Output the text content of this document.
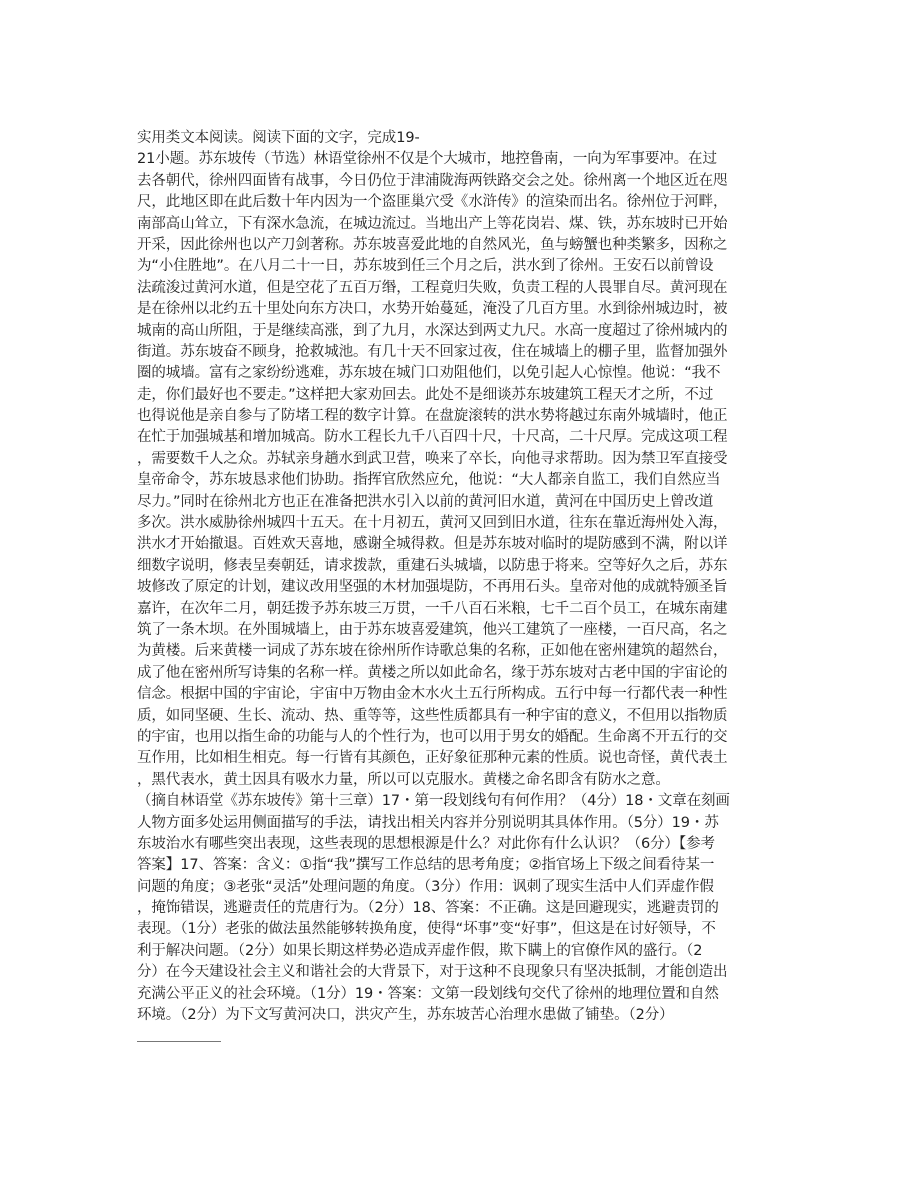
实用类文本阅读。阅读下面的文字，完成19-
21小题。苏东坡传（节选）林语堂徐州不仅是个大城市，地控鲁南，一向为军事要冲。在过
去各朝代，徐州四面皆有战事，今日仍位于津浦陇海两铁路交会之处。徐州离一个地区近在咫
尺，此地区即在此后数十年内因为一个盗匪巢穴受《水浒传》的渲染而出名。徐州位于河畔，
南部高山耸立，下有深水急流，在城边流过。当地出产上等花岗岩、煤、铁，苏东坡时已开始
开采，因此徐州也以产刀剑著称。苏东坡喜爱此地的自然风光，鱼与螃蟹也种类繁多，因称之
为“小住胜地”。在八月二十一日，苏东坡到任三个月之后，洪水到了徐州。王安石以前曾设
法疏浚过黄河水道，但是空花了五百万缗，工程竟归失败，负责工程的人畏罪自尽。黄河现在
是在徐州以北约五十里处向东方决口，水势开始蔓延，淹没了几百方里。水到徐州城边时，被
城南的高山所阻，于是继续高涨，到了九月，水深达到两丈九尺。水高一度超过了徐州城内的
街道。苏东坡奋不顾身，抢救城池。有几十天不回家过夜，住在城墙上的棚子里，监督加强外
圈的城墙。富有之家纷纷逃难，苏东坡在城门口劝阻他们，以免引起人心惊惶。他说：“我不
走，你们最好也不要走。”这样把大家劝回去。此处不是细谈苏东坡建筑工程天才之所，不过
也得说他是亲自参与了防堵工程的数字计算。在盘旋滚转的洪水势将越过东南外城墙时，他正
在忙于加强城基和增加城高。防水工程长九千八百四十尺，十尺高，二十尺厚。完成这项工程
，需要数千人之众。苏轼亲身趟水到武卫营，唤来了卒长，向他寻求帮助。因为禁卫军直接受
皇帝命令，苏东坡恳求他们协助。指挥官欣然应允，他说：“大人都亲自监工，我们自然应当
尽力。”同时在徐州北方也正在准备把洪水引入以前的黄河旧水道，黄河在中国历史上曾改道
多次。洪水威胁徐州城四十五天。在十月初五，黄河又回到旧水道，往东在靠近海州处入海，
洪水才开始撤退。百姓欢天喜地，感谢全城得救。但是苏东坡对临时的堤防感到不满，附以详
细数字说明，修表呈奏朝廷，请求拨款，重建石头城墙，以防患于将来。空等好久之后，苏东
坡修改了原定的计划，建议改用坚强的木材加强堤防，不再用石头。皇帝对他的成就特颁圣旨
嘉许，在次年二月，朝廷拨予苏东坡三万贯，一千八百石米粮，七千二百个员工，在城东南建
筑了一条木坝。在外围城墙上，由于苏东坡喜爱建筑，他兴工建筑了一座楼，一百尺高，名之
为黄楼。后来黄楼一词成了苏东坡在徐州所作诗歌总集的名称，正如他在密州建筑的超然台，
成了他在密州所写诗集的名称一样。黄楼之所以如此命名，缘于苏东坡对古老中国的宇宙论的
信念。根据中国的宇宙论，宇宙中万物由金木水火土五行所构成。五行中每一行都代表一种性
质，如同坚硬、生长、流动、热、重等等，这些性质都具有一种宇宙的意义，不但用以指物质
的宇宙，也用以指生命的功能与人的个性行为，也可以用于男女的婚配。生命离不开五行的交
互作用，比如相生相克。每一行皆有其颜色，正好象征那种元素的性质。说也奇怪，黄代表土
，黑代表水，黄土因具有吸水力量，所以可以克服水。黄楼之命名即含有防水之意。
（摘自林语堂《苏东坡传》第十三章）17・第一段划线句有何作用？（4分）18・文章在刻画
人物方面多处运用侧面描写的手法，请找出相关内容并分别说明其具体作用。（5分）19・苏
东坡治水有哪些突出表现，这些表现的思想根源是什么？对此你有什么认识？（6分）【参考
答案】17、答案：含义：①指“我”撰写工作总结的思考角度；②指官场上下级之间看待某一
问题的角度；③老张“灵活”处理问题的角度。（3分）作用：讽刺了现实生活中人们弄虚作假
，掩饰错误，逃避责任的荒唐行为。（2分）18、答案：不正确。这是回避现实，逃避责罚的
表现。（1分）老张的做法虽然能够转换角度，使得“坏事”变“好事”，但这是在讨好领导，不
利于解决问题。（2分）如果长期这样势必造成弄虚作假，欺下瞒上的官僚作风的盛行。（2
分）在今天建设社会主义和谐社会的大背景下，对于这种不良现象只有坚决抵制，才能创造出
充满公平正义的社会环境。（1分）19・答案：文第一段划线句交代了徐州的地理位置和自然
环境。（2分）为下文写黄河决口，洪灾产生，苏东坡苦心治理水患做了铺垫。（2分）
